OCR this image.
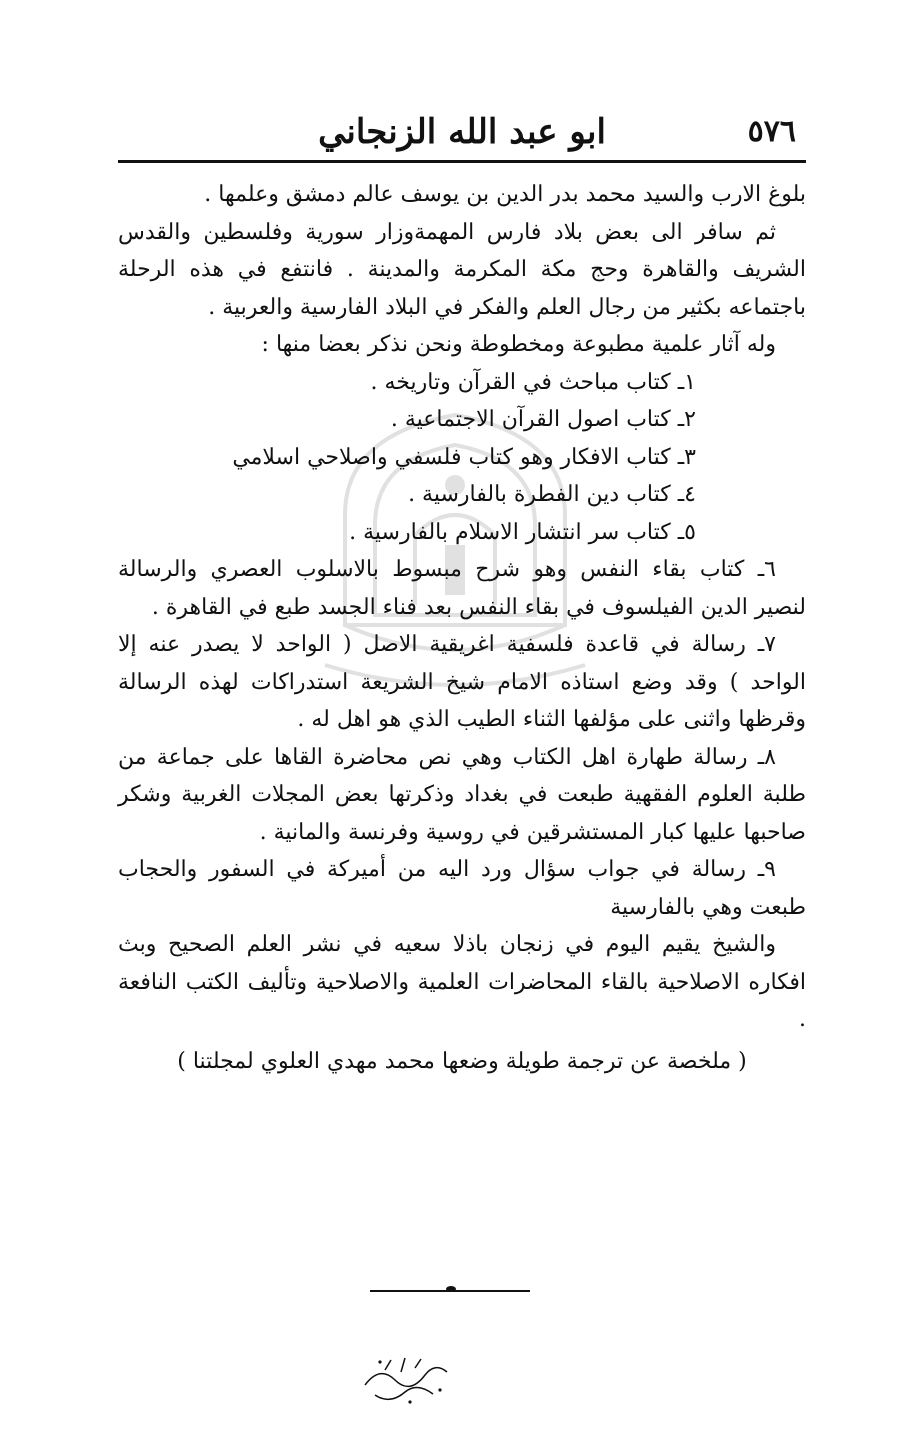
٥٧٦
ابو عبد الله الزنجاني

بلوغ الارب والسيد محمد بدر الدين بن يوسف عالم دمشق وعلمها .

ثم سافر الى بعض بلاد فارس المهمةوزار سورية وفلسطين والقدس الشريف والقاهرة وحج مكة المكرمة والمدينة . فانتفع في هذه الرحلة باجتماعه بكثير من رجال العلم والفكر في البلاد الفارسية والعربية .

وله آثار علمية مطبوعة ومخطوطة ونحن نذكر بعضا منها :

١ـ كتاب مباحث في القرآن وتاريخه .

٢ـ كتاب اصول القرآن الاجتماعية .

٣ـ كتاب الافكار وهو كتاب فلسفي واصلاحي اسلامي

٤ـ كتاب دين الفطرة بالفارسية .

٥ـ كتاب سر انتشار الاسلام بالفارسية .

٦ـ كتاب بقاء النفس وهو شرح مبسوط بالاسلوب العصري والرسالة لنصير الدين الفيلسوف في بقاء النفس بعد فناء الجسد طبع في القاهرة .

٧ـ رسالة في قاعدة فلسفية اغريقية الاصل ( الواحد لا يصدر عنه إلا الواحد ) وقد وضع استاذه الامام شيخ الشريعة استدراكات لهذه الرسالة وقرظها واثنى على مؤلفها الثناء الطيب الذي هو اهل له .

٨ـ رسالة طهارة اهل الكتاب وهي نص محاضرة القاها على جماعة من طلبة العلوم الفقهية طبعت في بغداد وذكرتها بعض المجلات الغربية وشكر صاحبها عليها كبار المستشرقين في روسية وفرنسة والمانية .

٩ـ رسالة في جواب سؤال ورد اليه من أميركة في السفور والحجاب طبعت وهي بالفارسية

والشيخ يقيم اليوم في زنجان باذلا سعيه في نشر العلم الصحيح وبث افكاره الاصلاحية بالقاء المحاضرات العلمية والاصلاحية وتأليف الكتب النافعة .

( ملخصة عن ترجمة طويلة وضعها محمد مهدي العلوي لمجلتنا )
